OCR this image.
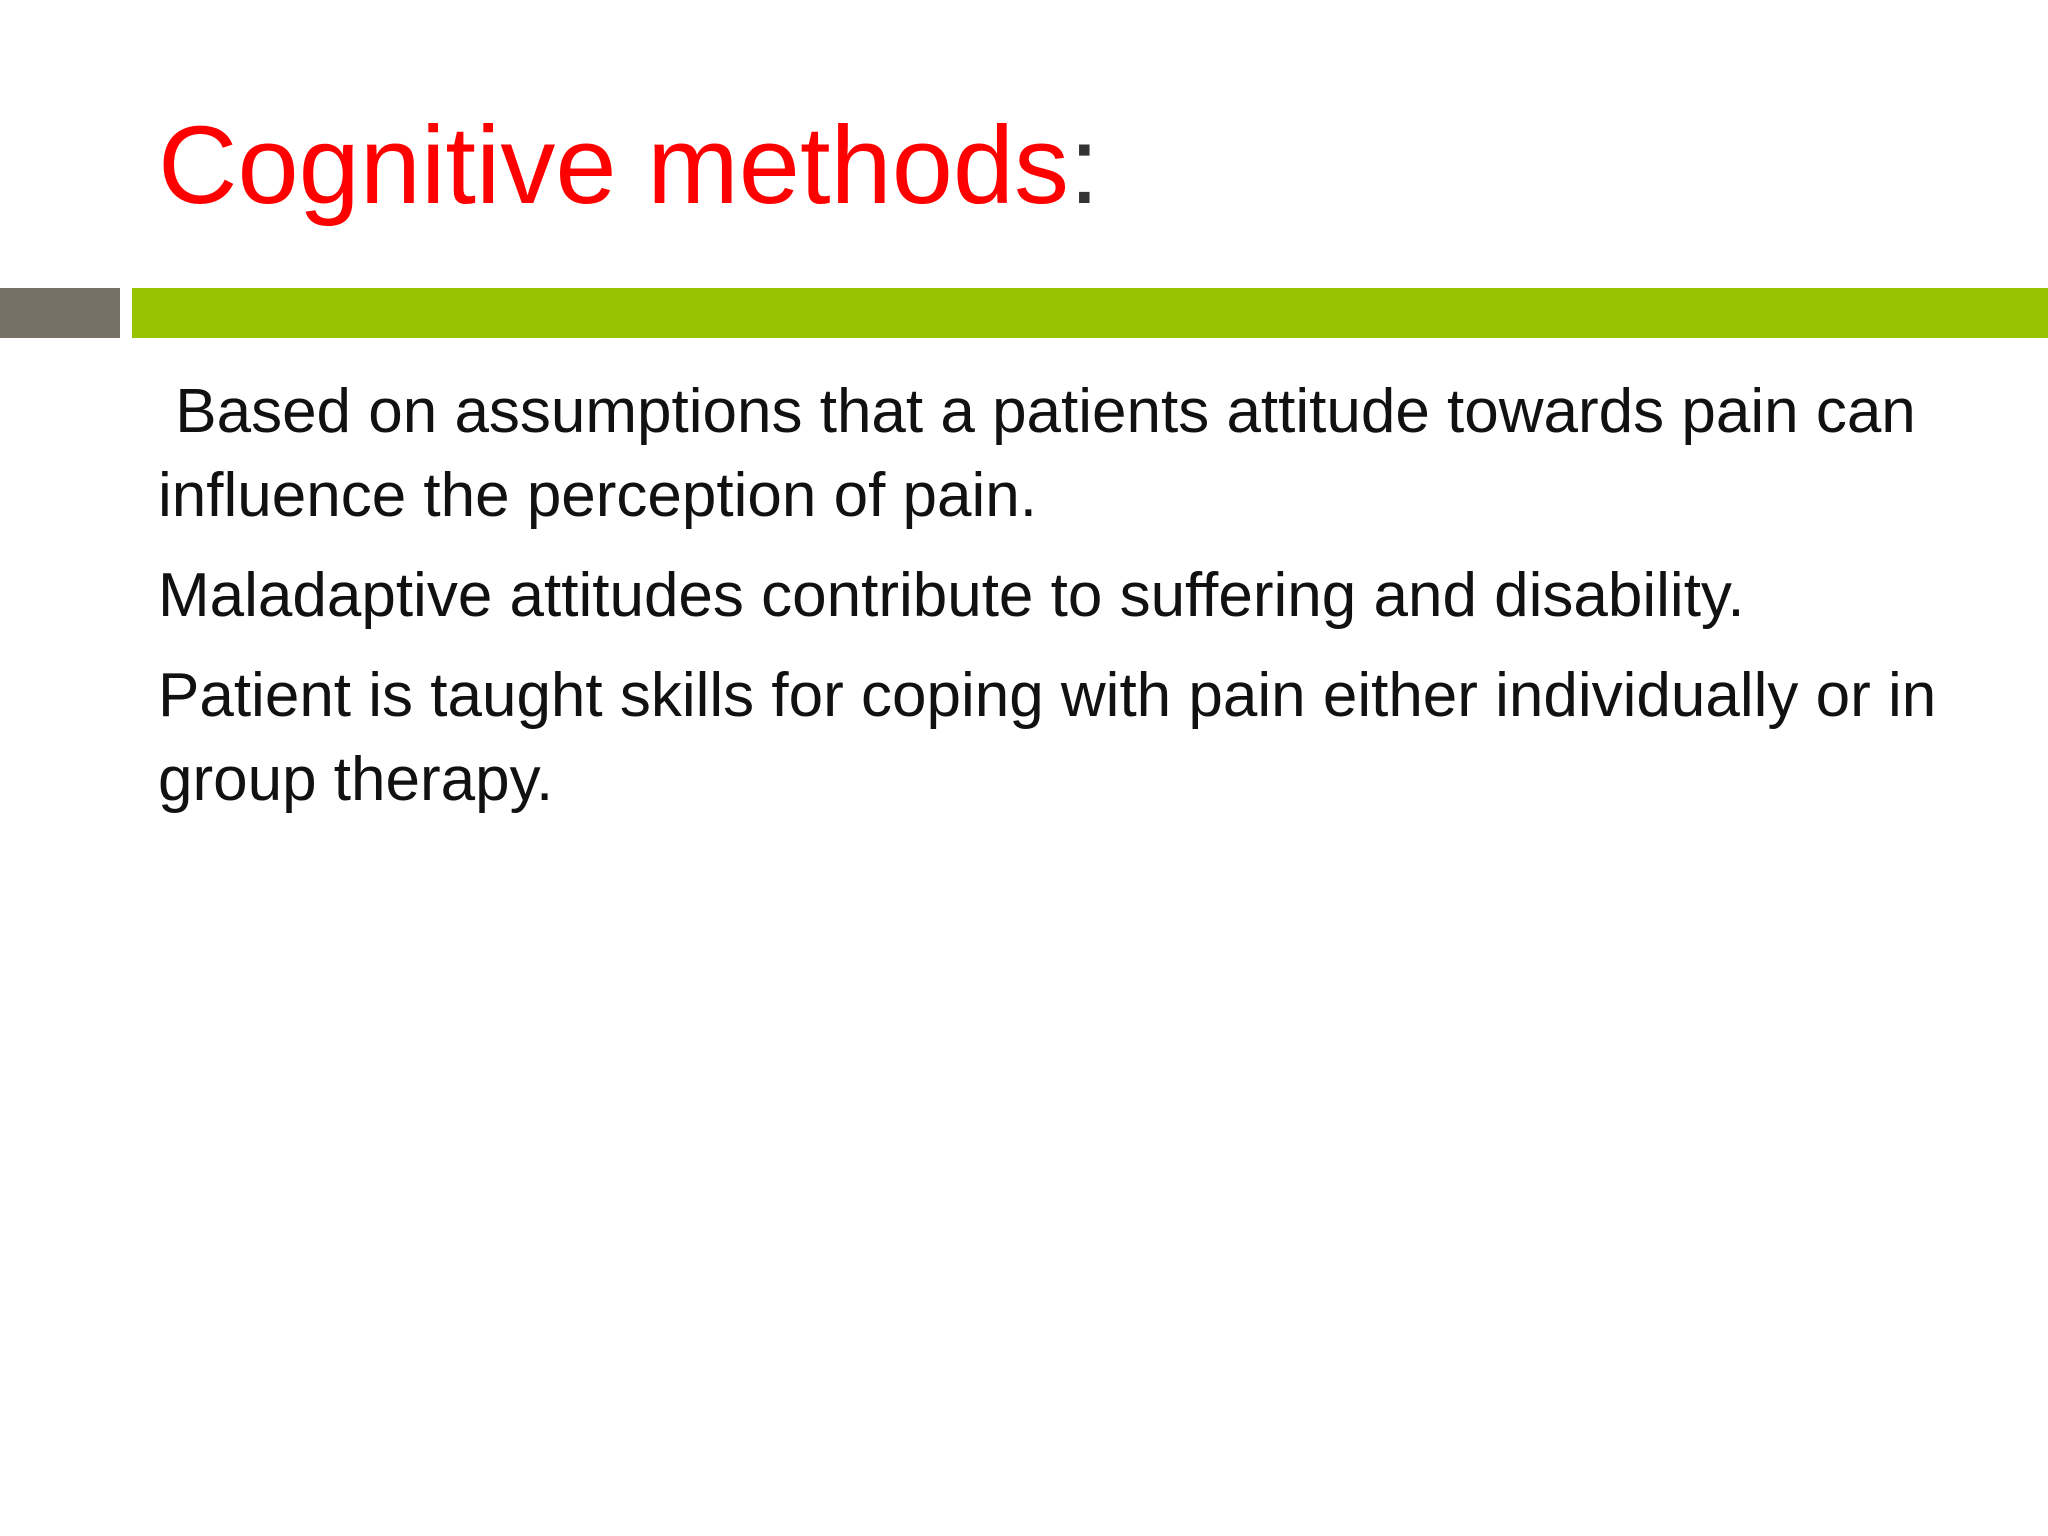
Cognitive methods:
Based on assumptions that a patients attitude towards pain can influence the perception of pain.
Maladaptive attitudes contribute to suffering and disability.
Patient is taught skills for coping with pain either individually or in group therapy.
